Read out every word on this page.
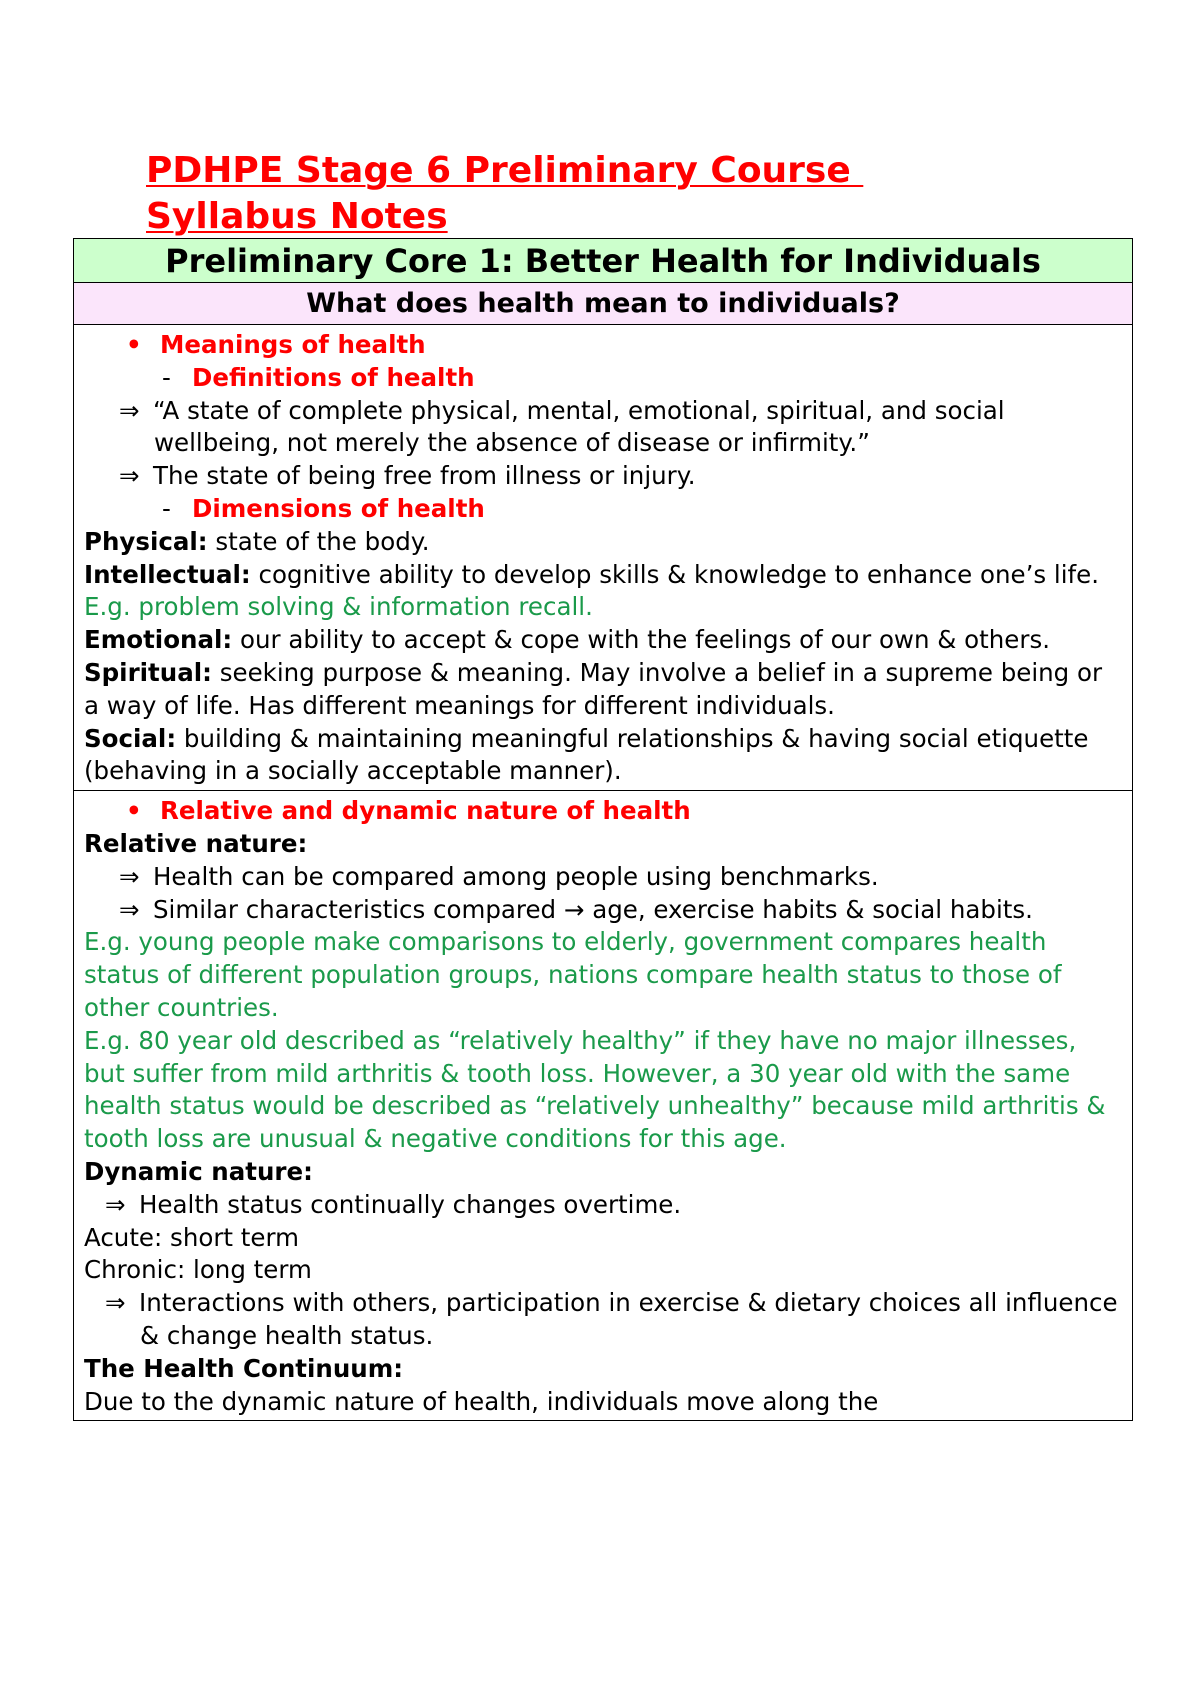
PDHPE Stage 6 Preliminary Course
Syllabus Notes
Preliminary Core 1: Better Health for Individuals
What does health mean to individuals?

• Meanings of health

- Definitions of health

⇒ “A state of complete physical, mental, emotional, spiritual, and social wellbeing, not merely the absence of disease or infirmity.”

⇒ The state of being free from illness or injury.

- Dimensions of health

Physical: state of the body.

Intellectual: cognitive ability to develop skills & knowledge to enhance one’s life. E.g. problem solving & information recall.

Emotional: our ability to accept & cope with the feelings of our own & others.

Spiritual: seeking purpose & meaning. May involve a belief in a supreme being or a way of life. Has different meanings for different individuals.

Social: building & maintaining meaningful relationships & having social etiquette (behaving in a socially acceptable manner).

• Relative and dynamic nature of health

Relative nature:

⇒ Health can be compared among people using benchmarks.

⇒ Similar characteristics compared → age, exercise habits & social habits.

E.g. young people make comparisons to elderly, government compares health status of different population groups, nations compare health status to those of other countries.

E.g. 80 year old described as “relatively healthy” if they have no major illnesses, but suffer from mild arthritis & tooth loss. However, a 30 year old with the same health status would be described as “relatively unhealthy” because mild arthritis & tooth loss are unusual & negative conditions for this age.

Dynamic nature:

⇒ Health status continually changes overtime.

Acute: short term

Chronic: long term

⇒ Interactions with others, participation in exercise & dietary choices all influence & change health status.

The Health Continuum:

Due to the dynamic nature of health, individuals move along the
